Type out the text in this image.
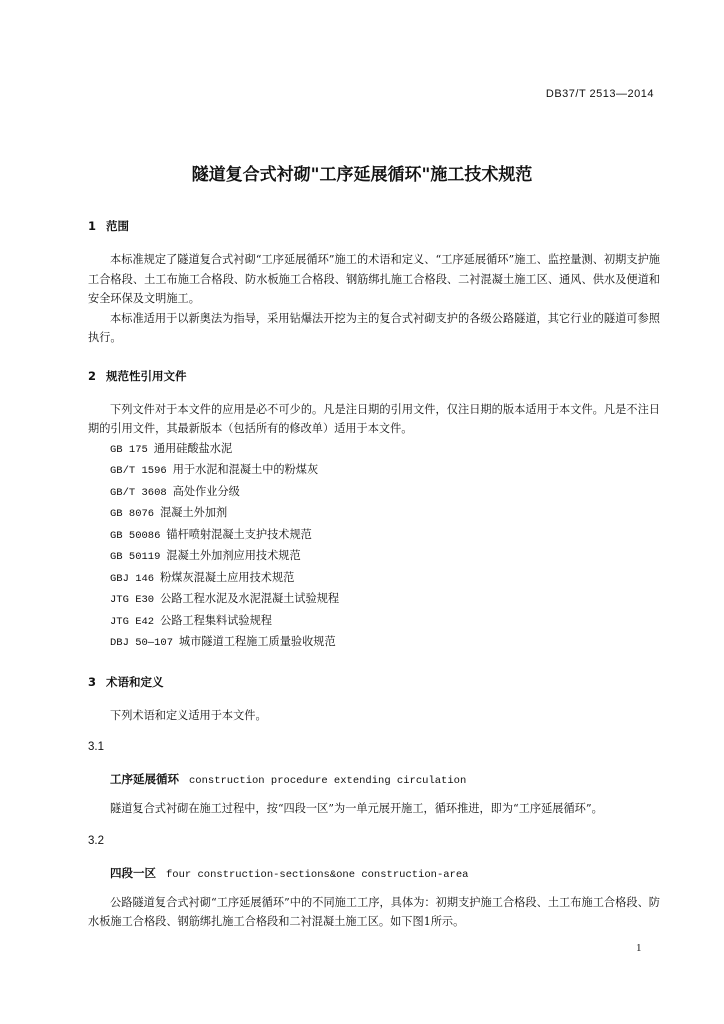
DB37/T 2513—2014
隧道复合式衬砌"工序延展循环"施工技术规范
1 范围

本标准规定了隧道复合式衬砌“工序延展循环”施工的术语和定义、“工序延展循环”施工、监控量测、初期支护施工合格段、土工布施工合格段、防水板施工合格段、钢筋绑扎施工合格段、二衬混凝土施工区、通风、供水及便道和安全环保及文明施工。

本标准适用于以新奥法为指导，采用钻爆法开挖为主的复合式衬砌支护的各级公路隧道，其它行业的隧道可参照执行。

2 规范性引用文件

下列文件对于本文件的应用是必不可少的。凡是注日期的引用文件，仅注日期的版本适用于本文件。凡是不注日期的引用文件，其最新版本（包括所有的修改单）适用于本文件。

GB 175 通用硅酸盐水泥
GB/T 1596 用于水泥和混凝土中的粉煤灰
GB/T 3608 高处作业分级
GB 8076 混凝土外加剂
GB 50086 锚杆喷射混凝土支护技术规范
GB 50119 混凝土外加剂应用技术规范
GBJ 146 粉煤灰混凝土应用技术规范
JTG E30 公路工程水泥及水泥混凝土试验规程
JTG E42 公路工程集料试验规程
DBJ 50—107 城市隧道工程施工质量验收规范
3 术语和定义

下列术语和定义适用于本文件。

3.1
工序延展循环 construction procedure extending circulation

隧道复合式衬砌在施工过程中，按“四段一区”为一单元展开施工，循环推进，即为“工序延展循环”。

3.2
四段一区 four construction-sections&one construction-area

公路隧道复合式衬砌“工序延展循环”中的不同施工工序，具体为：初期支护施工合格段、土工布施工合格段、防水板施工合格段、钢筋绑扎施工合格段和二衬混凝土施工区。如下图1所示。

1
